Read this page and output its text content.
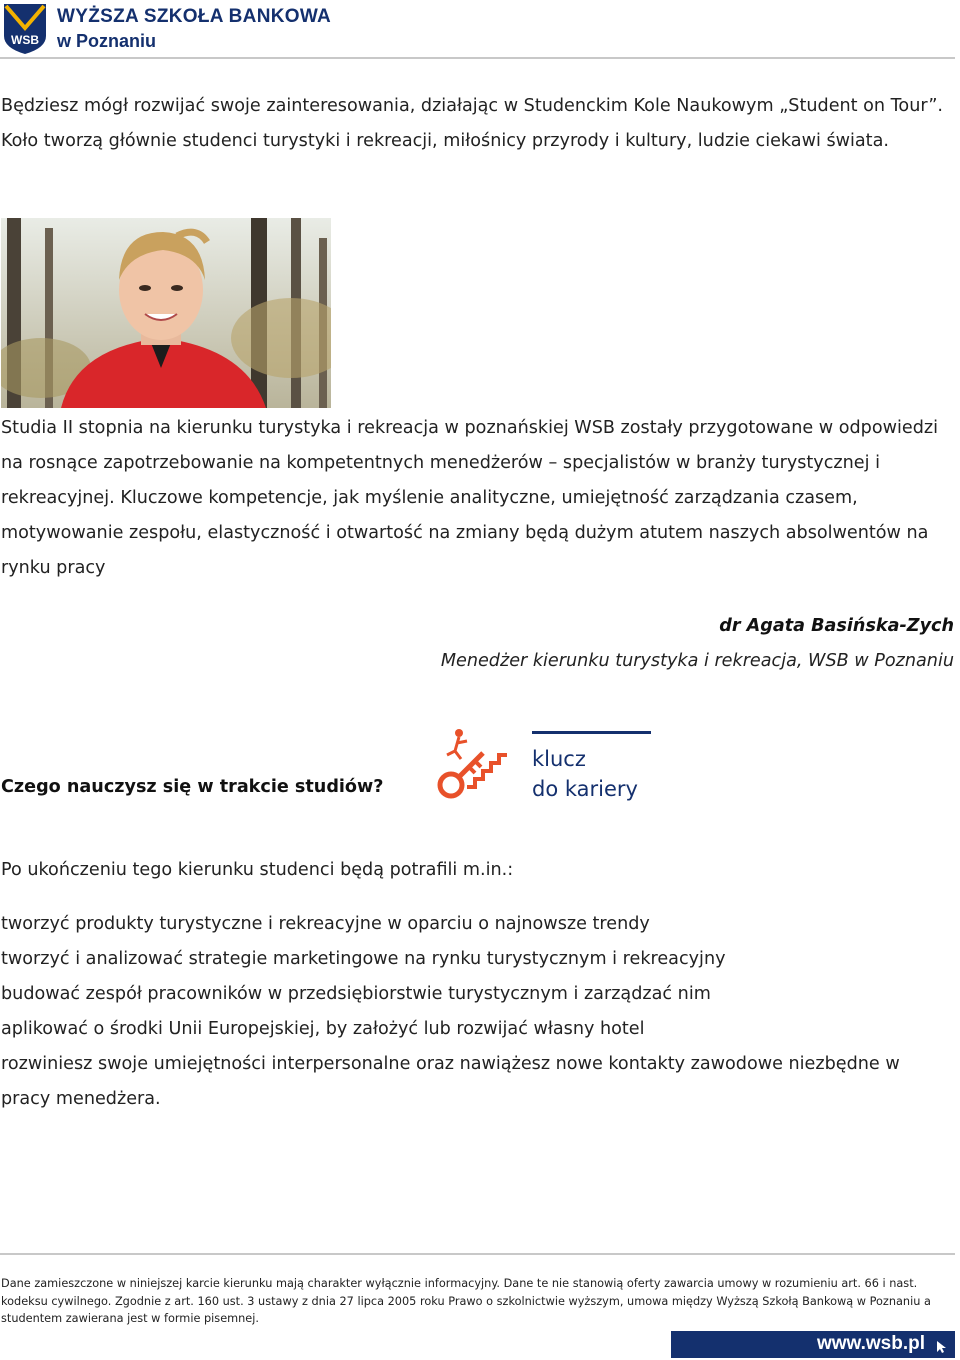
WSB

WYŻSZA SZKOŁA BANKOWA

w Poznaniu

Będziesz mógł rozwijać swoje zainteresowania, działając w Studenckim Kole Naukowym „Student on Tour”. Koło tworzą głównie studenci turystyki i rekreacji, miłośnicy przyrody i kultury, ludzie ciekawi świata.

Studia II stopnia na kierunku turystyka i rekreacja w poznańskiej WSB zostały przygotowane w odpowiedzi na rosnące zapotrzebowanie na kompetentnych menedżerów – specjalistów w branży turystycznej i rekreacyjnej. Kluczowe kompetencje, jak myślenie analityczne, umiejętność zarządzania czasem, motywowanie zespołu, elastyczność i otwartość na zmiany będą dużym atutem naszych absolwentów na rynku pracy

dr Agata Basińska-Zych

Menedżer kierunku turystyka i rekreacja, WSB w Poznaniu

Czego nauczysz się w trakcie studiów?

klucz
do kariery

Po ukończeniu tego kierunku studenci będą potrafili m.in.:

tworzyć produkty turystyczne i rekreacyjne w oparciu o najnowsze trendy
tworzyć i analizować strategie marketingowe na rynku turystycznym i rekreacyjny
budować zespół pracowników w przedsiębiorstwie turystycznym i zarządzać nim
aplikować o środki Unii Europejskiej, by założyć lub rozwijać własny hotel
rozwiniesz swoje umiejętności interpersonalne oraz nawiążesz nowe kontakty zawodowe niezbędne w pracy menedżera.

Dane zamieszczone w niniejszej karcie kierunku mają charakter wyłącznie informacyjny. Dane te nie stanowią oferty zawarcia umowy w rozumieniu art. 66 i nast. kodeksu cywilnego. Zgodnie z art. 160 ust. 3 ustawy z dnia 27 lipca 2005 roku Prawo o szkolnictwie wyższym, umowa między Wyższą Szkołą Bankową w Poznaniu a studentem zawierana jest w formie pisemnej.

www.wsb.pl
